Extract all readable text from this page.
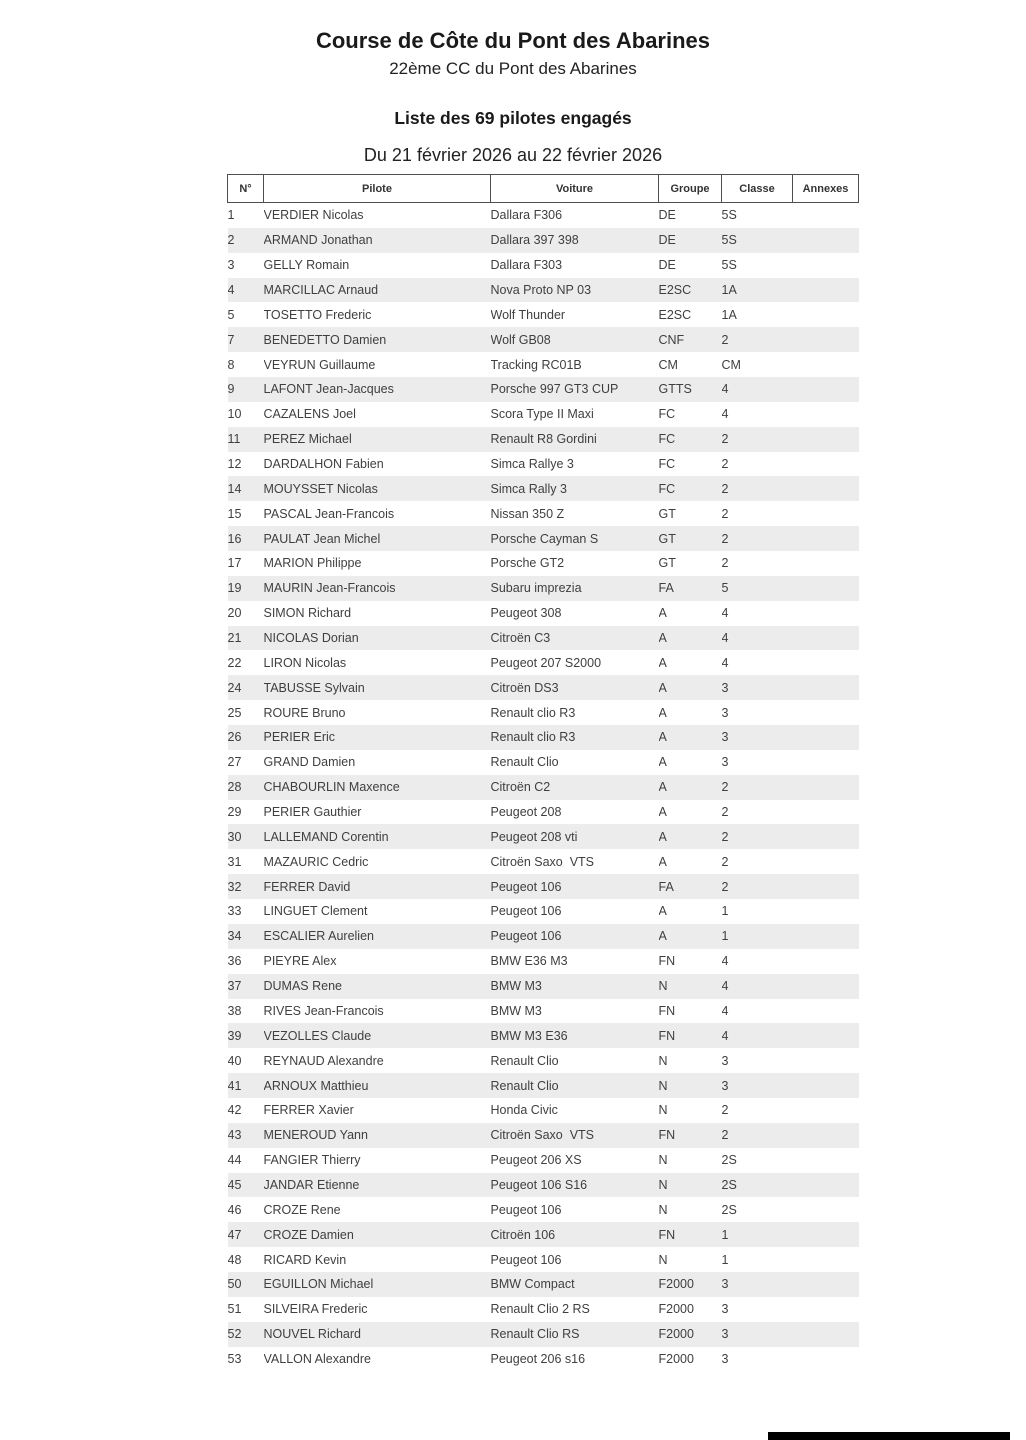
Course de Côte du Pont des Abarines
22ème CC du Pont des Abarines
Liste des 69 pilotes engagés
Du 21 février 2026 au 22 février 2026
N°	Pilote	Voiture	Groupe	Classe	Annexes
1	VERDIER Nicolas	Dallara F306	DE	5S	
2	ARMAND Jonathan	Dallara 397 398	DE	5S	
3	GELLY Romain	Dallara F303	DE	5S	
4	MARCILLAC Arnaud	Nova Proto NP 03	E2SC	1A	
5	TOSETTO Frederic	Wolf Thunder	E2SC	1A	
7	BENEDETTO Damien	Wolf GB08	CNF	2	
8	VEYRUN Guillaume	Tracking RC01B	CM	CM	
9	LAFONT Jean-Jacques	Porsche 997 GT3 CUP	GTTS	4	
10	CAZALENS Joel	Scora Type II Maxi	FC	4	
11	PEREZ Michael	Renault R8 Gordini	FC	2	
12	DARDALHON Fabien	Simca Rallye 3	FC	2	
14	MOUYSSET Nicolas	Simca Rally 3	FC	2	
15	PASCAL Jean-Francois	Nissan 350 Z	GT	2	
16	PAULAT Jean Michel	Porsche Cayman S	GT	2	
17	MARION Philippe	Porsche GT2	GT	2	
19	MAURIN Jean-Francois	Subaru imprezia	FA	5	
20	SIMON Richard	Peugeot 308	A	4	
21	NICOLAS Dorian	Citroën C3	A	4	
22	LIRON Nicolas	Peugeot 207 S2000	A	4	
24	TABUSSE Sylvain	Citroën DS3	A	3	
25	ROURE Bruno	Renault clio R3	A	3	
26	PERIER Eric	Renault clio R3	A	3	
27	GRAND Damien	Renault Clio	A	3	
28	CHABOURLIN Maxence	Citroën C2	A	2	
29	PERIER Gauthier	Peugeot 208	A	2	
30	LALLEMAND Corentin	Peugeot 208 vti	A	2	
31	MAZAURIC Cedric	Citroën Saxo  VTS	A	2	
32	FERRER David	Peugeot 106	FA	2	
33	LINGUET Clement	Peugeot 106	A	1	
34	ESCALIER Aurelien	Peugeot 106	A	1	
36	PIEYRE Alex	BMW E36 M3	FN	4	
37	DUMAS Rene	BMW M3	N	4	
38	RIVES Jean-Francois	BMW M3	FN	4	
39	VEZOLLES Claude	BMW M3 E36	FN	4	
40	REYNAUD Alexandre	Renault Clio	N	3	
41	ARNOUX Matthieu	Renault Clio	N	3	
42	FERRER Xavier	Honda Civic	N	2	
43	MENEROUD Yann	Citroën Saxo  VTS	FN	2	
44	FANGIER Thierry	Peugeot 206 XS	N	2S	
45	JANDAR Etienne	Peugeot 106 S16	N	2S	
46	CROZE Rene	Peugeot 106	N	2S	
47	CROZE Damien	Citroën 106	FN	1	
48	RICARD Kevin	Peugeot 106	N	1	
50	EGUILLON Michael	BMW Compact	F2000	3	
51	SILVEIRA Frederic	Renault Clio 2 RS	F2000	3	
52	NOUVEL Richard	Renault Clio RS	F2000	3	
53	VALLON Alexandre	Peugeot 206 s16	F2000	3	
